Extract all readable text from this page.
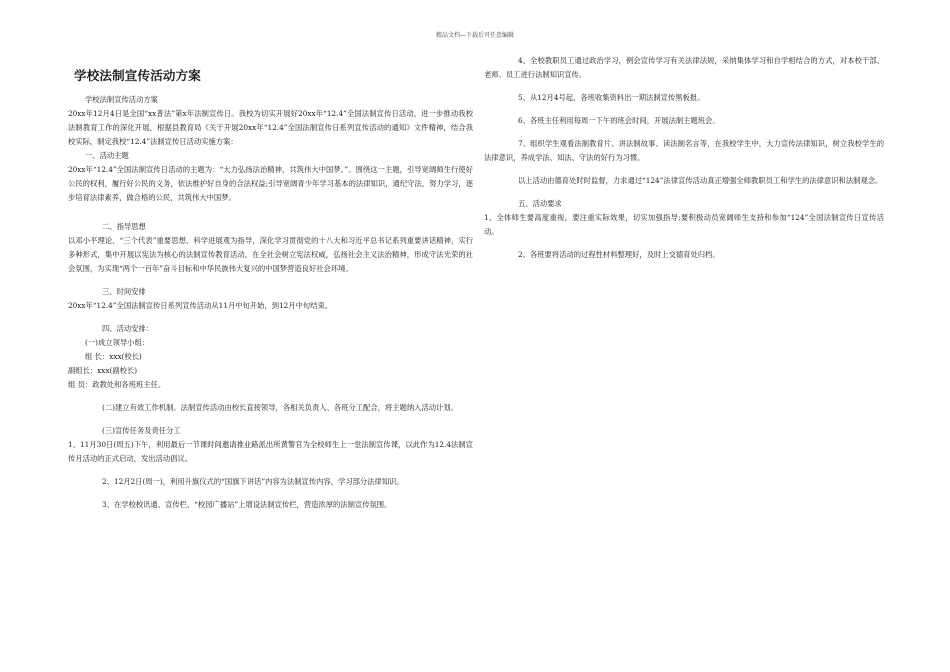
精品文档---下载后可任意编辑
学校法制宣传活动方案

学校法制宣传活动方案

20xx年12月4日是全国“xx普法”第x年法制宣传日。我校为切实开展好20xx年“12.4”全国法制宣传日活动，进一步推动我校法制教育工作的深化开展，根据县教育局《关于开展20xx年“12.4”全国法制宣传日系列宣传活动的通知》文件精神，结合我校实际，制定我校“12.4”法制宣传日活动实施方案：

一、活动主题

20xx年“12.4”全国法制宣传日活动的主题为：“大力弘扬法治精神，共筑伟大中国梦。”。围绕这一主题，引导宽阔师生行使好公民的权利，履行好公民的义务，依法维护好自身的合法权益;引导宽阔青少年学习基本的法律知识，通纪守法，努力学习，逐步培育法律素养，做合格的公民，共筑伟大中国梦。

二、指导思想

以邓小平理论、“三个代表”重要思想、科学进展观为指导，深化学习贯彻党的十八大和习近平总书记系列重要讲话精神，实行多种形式，集中开展以宪法为核心的法制宣传教育活动，在全社会树立宪法权威，弘扬社会主义法治精神，形成守法光荣的社会氛围，为实现“两个一百年”奋斗目标和中华民族伟大复兴的中国梦营造良好社会环境。

三、时间安排

20xx年“12.4”全国法制宣传日系列宣传活动从11月中旬开始，到12月中旬结束。

四、活动安排：

(一)成立领导小组：

组 长：xxx(校长)

副组长：xxx(副校长)

组 员：政教处和各班班主任。

(二)建立有效工作机制。法制宣传活动由校长直接领导，各相关负责人、各班分工配合，将主题纳入活动计划。

(三)宣传任务及责任分工

1、11月30日(周五)下午，利用最后一节课时间邀请推业路派出所黄警官为全校师生上一堂法制宣传课，以此作为12.4法制宣传月活动的正式启动，发出活动倡议。

2、12月2日(周一)，利用升旗仪式的“国旗下讲话”内容为法制宣传内容，学习部分法律知识。

3、在学校校讯通、宣传栏、“校园广播站”上增设法制宣传栏，营造浓厚的法制宣传氛围。

4、全校教职员工通过政治学习，例会宣传学习有关法律法规，采纳集体学习和自学相结合的方式，对本校干部、老师、员工进行法制知识宣传。

5、从12月4号起，各班收集资料出一期法制宣传黑板报。

6、各班主任利用每周一下午的班会时间，开展法制主题班会。

7、组织学生观看法制教育片、讲法制故事、读法制名言等，在我校学生中，大力宣传法律知识，树立我校学生的法律意识，养成学法、知法、守法的好行为习惯。

以上活动由德育处时时监督，力求通过“124”法律宣传活动真正增强全师教职员工和学生的法律意识和法制观念。

五、活动要求

1、全体师生要高度重视，要注重实际效果，切实加强指导;要积极动员宽阔师生支持和参加“124”全国法制宣传日宣传活动。

2、各班要将活动的过程性材料整理好，及时上交德育处归档。
